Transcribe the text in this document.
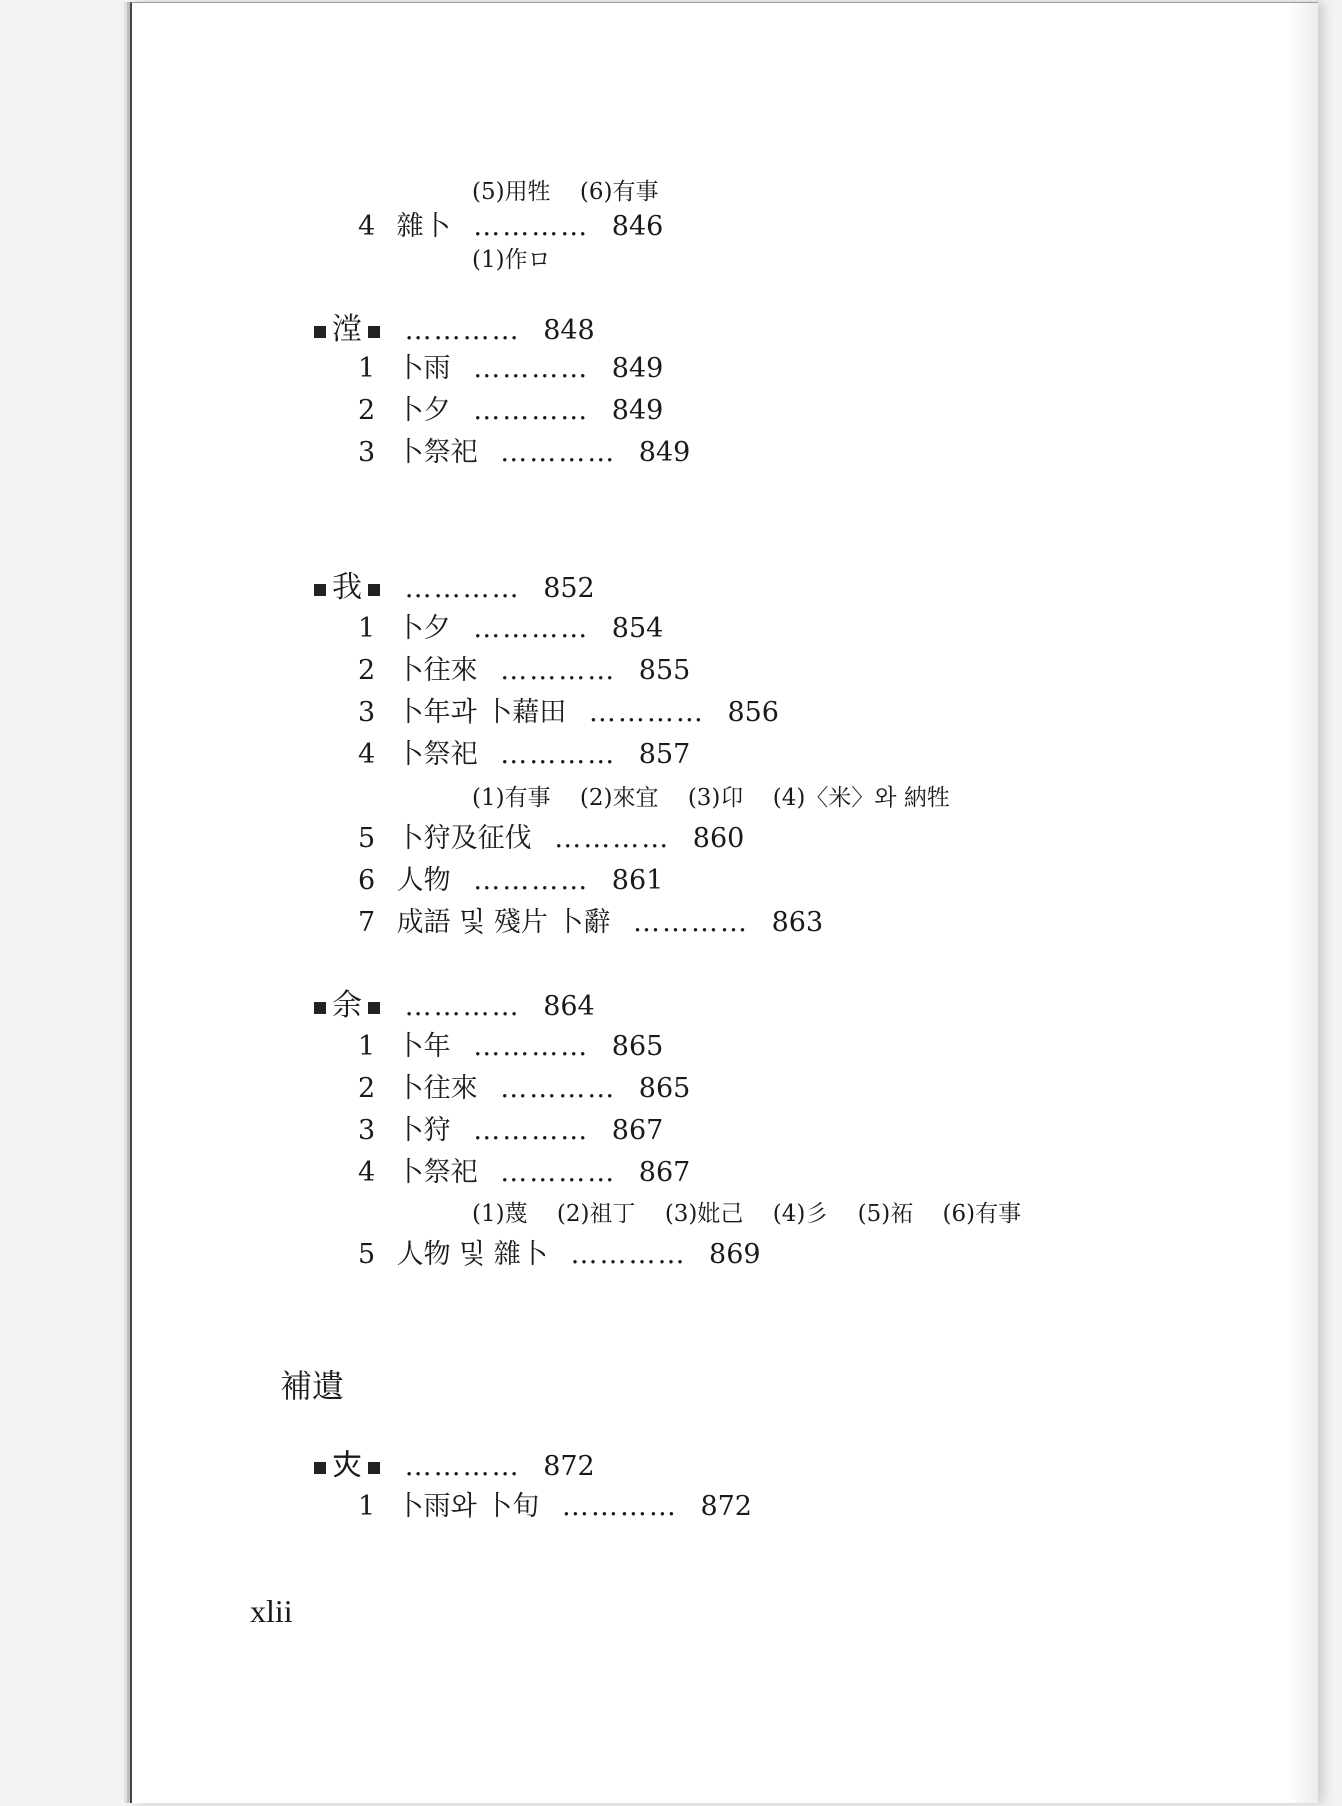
(5)用牲 (6)有事
4 雜卜 ………… 846
(1)作ロ
漟 ………… 848
1 卜雨 ………… 849
2 卜夕 ………… 849
3 卜祭祀 ………… 849
我 ………… 852
1 卜夕 ………… 854
2 卜往來 ………… 855
3 卜年과 卜藉田 ………… 856
4 卜祭祀 ………… 857
(1)有事 (2)來宜 (3)卬 (4)〈米〉와 納牲
5 卜狩及征伐 ………… 860
6 人物 ………… 861
7 成語 및 殘片 卜辭 ………… 863
余 ………… 864
1 卜年 ………… 865
2 卜往來 ………… 865
3 卜狩 ………… 867
4 卜祭祀 ………… 867
(1)蔑 (2)祖丁 (3)妣己 (4)彡 (5)祏 (6)有事
5 人物 및 雜卜 ………… 869
補遺
𡗜 ………… 872
1 卜雨와 卜旬 ………… 872
xlii
